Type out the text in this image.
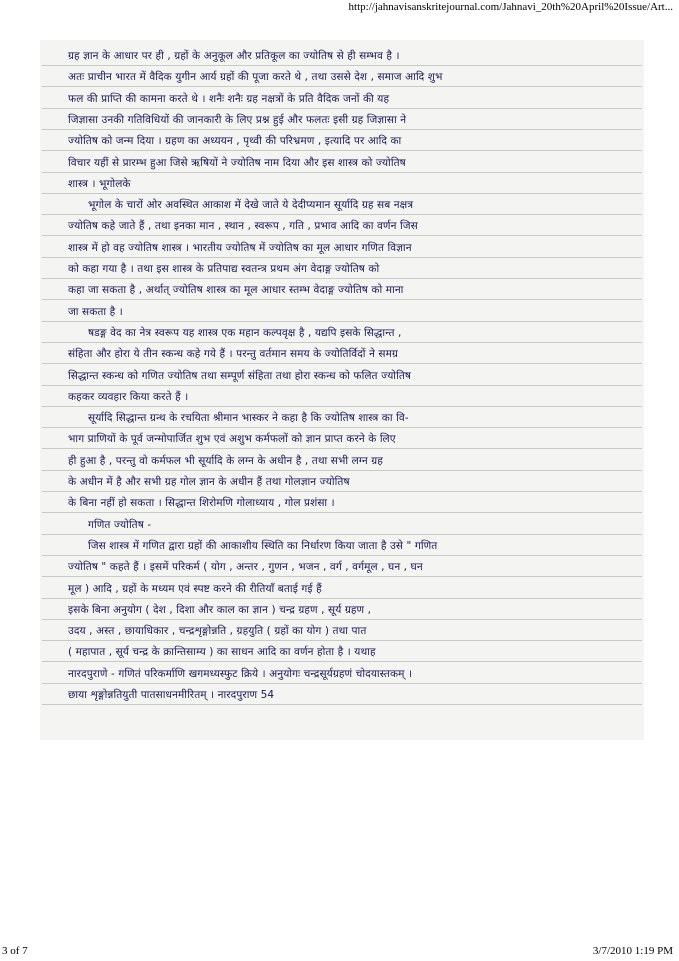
http://jahnavisanskritejournal.com/Jahnavi_20th%20April%20Issue/Art...
ग्रह ज्ञान के आधार पर ही , ग्रहों के अनुकूल और प्रतिकूल का ज्योतिष से ही सम्भव है ।
अतः प्राचीन भारत में वैदिक युगीन आर्य ग्रहों की पूजा करते थे , तथा उससे देश , समाज आदि शुभ
फल की प्राप्ति की कामना करते थे । शनैः शनैः ग्रह नक्षत्रों के प्रति वैदिक जनों की यह
जिज्ञासा उनकी गतिविधियों की जानकारी के लिए प्रश्न हुई और फलतः इसी ग्रह जिज्ञासा ने
ज्योतिष को जन्म दिया । ग्रहण का अध्ययन , पृथ्वी की परिभ्रमण , इत्यादि पर आदि का
विचार यहीं से प्रारम्भ हुआ जिसे ऋषियों ने ज्योतिष नाम दिया और इस शास्त्र को ज्योतिष
शास्त्र । भूगोलके
भूगोल के चारों ओर अवस्थित आकाश में देखे जाते ये देदीप्यमान सूर्यादि ग्रह सब नक्षत्र
ज्योतिष कहे जाते हैं , तथा इनका मान , स्थान , स्वरूप , गति , प्रभाव आदि का वर्णन जिस
शास्त्र में हो वह ज्योतिष शास्त्र । भारतीय ज्योतिष में ज्योतिष का मूल आधार गणित विज्ञान
को कहा गया है । तथा इस शास्त्र के प्रतिपाद्य स्वतन्त्र प्रथम अंग वेदाङ्ग ज्योतिष को
कहा जा सकता है , अर्थात् ज्योतिष शास्त्र का मूल आधार स्तम्भ वेदाङ्ग ज्योतिष को माना
जा सकता है ।
षडङ्ग वेद का नेत्र स्वरूप यह शास्त्र एक महान कल्पवृक्ष है , यद्यपि इसके सिद्धान्त ,
संहिता और होरा ये तीन स्कन्ध कहे गये हैं । परन्तु वर्तमान समय के ज्योतिर्विदों ने समग्र
सिद्धान्त स्कन्ध को गणित ज्योतिष तथा सम्पूर्ण संहिता तथा होरा स्कन्ध को फलित ज्योतिष
कहकर व्यवहार किया करते हैं ।
सूर्यादि सिद्धान्त ग्रन्थ के रचयिता श्रीमान भास्कर ने कहा है कि ज्योतिष शास्त्र का वि-
भाग प्राणियों के पूर्व जन्मोपार्जित शुभ एवं अशुभ कर्मफलों को ज्ञान प्राप्त करने के लिए
ही हुआ है , परन्तु वो कर्मफल भी सूर्यादि के लग्न के अधीन है , तथा सभी लग्न ग्रह
के अधीन में है और सभी ग्रह गोल ज्ञान के अधीन हैं तथा गोलज्ञान ज्योतिष
के बिना नहीं हो सकता । सिद्धान्त शिरोमणि गोलाध्याय , गोल प्रशंसा ।
गणित ज्योतिष -
जिस शास्त्र में गणित द्वारा ग्रहों की आकाशीय स्थिति का निर्धारण किया जाता है उसे " गणित
ज्योतिष " कहते हैं । इसमें परिकर्म ( योग , अन्तर , गुणन , भजन , वर्ग , वर्गमूल , घन , घन
मूल ) आदि , ग्रहों के मध्यम एवं स्पष्ट करने की रीतियाँ बताई गई हैं
इसके बिना अनुयोग ( देश , दिशा और काल का ज्ञान ) चन्द्र ग्रहण , सूर्य ग्रहण ,
उदय , अस्त , छायाधिकार , चन्द्रशृङ्गोन्नति , ग्रहयुति ( ग्रहों का योग ) तथा पात
( महापात , सूर्य चन्द्र के क्रान्तिसाम्य ) का साधन आदि का वर्णन होता है । यथाह
नारदपुराणे - गणितं परिकर्माणि खगमध्यस्फुट क्रिये । अनुयोगः चन्द्रसूर्यग्रहणं चोदयास्तकम् ।
छाया शृङ्गोन्नतियुती पातसाधनमीरितम् । नारदपुराण 54
3 of 7	3/7/2010 1:19 PM
